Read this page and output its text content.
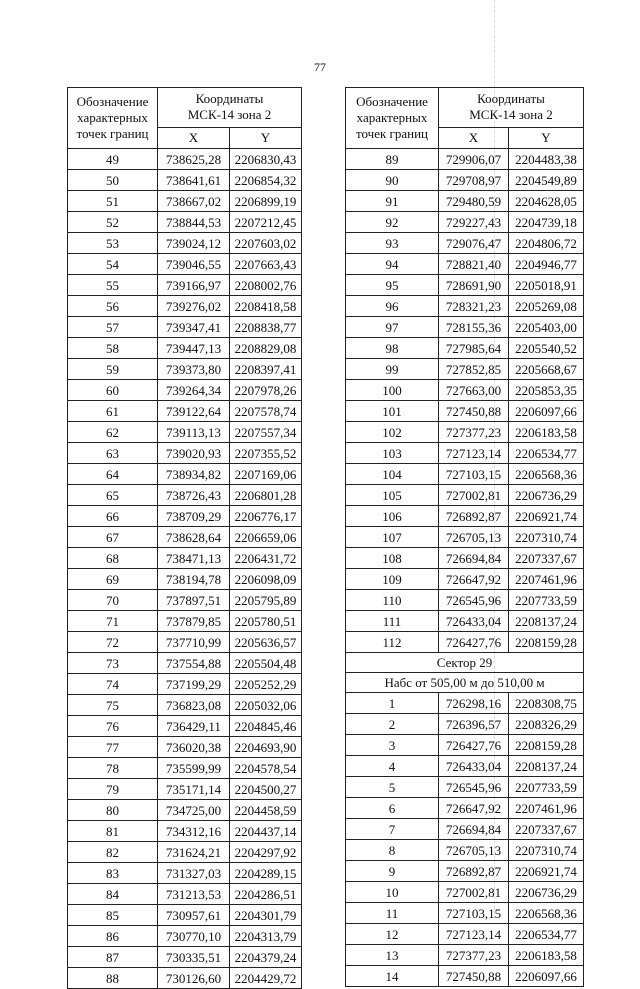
77
Обозначение
характерных
точек границ	Координаты
МСК-14 зона 2	
	X	Y
49	738625,28	2206830,43
50	738641,61	2206854,32
51	738667,02	2206899,19
52	738844,53	2207212,45
53	739024,12	2207603,02
54	739046,55	2207663,43
55	739166,97	2208002,76
56	739276,02	2208418,58
57	739347,41	2208838,77
58	739447,13	2208829,08
59	739373,80	2208397,41
60	739264,34	2207978,26
61	739122,64	2207578,74
62	739113,13	2207557,34
63	739020,93	2207355,52
64	738934,82	2207169,06
65	738726,43	2206801,28
66	738709,29	2206776,17
67	738628,64	2206659,06
68	738471,13	2206431,72
69	738194,78	2206098,09
70	737897,51	2205795,89
71	737879,85	2205780,51
72	737710,99	2205636,57
73	737554,88	2205504,48
74	737199,29	2205252,29
75	736823,08	2205032,06
76	736429,11	2204845,46
77	736020,38	2204693,90
78	735599,99	2204578,54
79	735171,14	2204500,27
80	734725,00	2204458,59
81	734312,16	2204437,14
82	731624,21	2204297,92
83	731327,03	2204289,15
84	731213,53	2204286,51
85	730957,61	2204301,79
86	730770,10	2204313,79
87	730335,51	2204379,24
88	730126,60	2204429,72
Обозначение
характерных
точек границ	Координаты
МСК-14 зона 2	
	X	Y
89	729906,07	2204483,38
90	729708,97	2204549,89
91	729480,59	2204628,05
92	729227,43	2204739,18
93	729076,47	2204806,72
94	728821,40	2204946,77
95	728691,90	2205018,91
96	728321,23	2205269,08
97	728155,36	2205403,00
98	727985,64	2205540,52
99	727852,85	2205668,67
100	727663,00	2205853,35
101	727450,88	2206097,66
102	727377,23	2206183,58
103	727123,14	2206534,77
104	727103,15	2206568,36
105	727002,81	2206736,29
106	726892,87	2206921,74
107	726705,13	2207310,74
108	726694,84	2207337,67
109	726647,92	2207461,96
110	726545,96	2207733,59
111	726433,04	2208137,24
112	726427,76	2208159,28
Сектор 29		
Набс от 505,00 м до 510,00 м		
1	726298,16	2208308,75
2	726396,57	2208326,29
3	726427,76	2208159,28
4	726433,04	2208137,24
5	726545,96	2207733,59
6	726647,92	2207461,96
7	726694,84	2207337,67
8	726705,13	2207310,74
9	726892,87	2206921,74
10	727002,81	2206736,29
11	727103,15	2206568,36
12	727123,14	2206534,77
13	727377,23	2206183,58
14	727450,88	2206097,66
